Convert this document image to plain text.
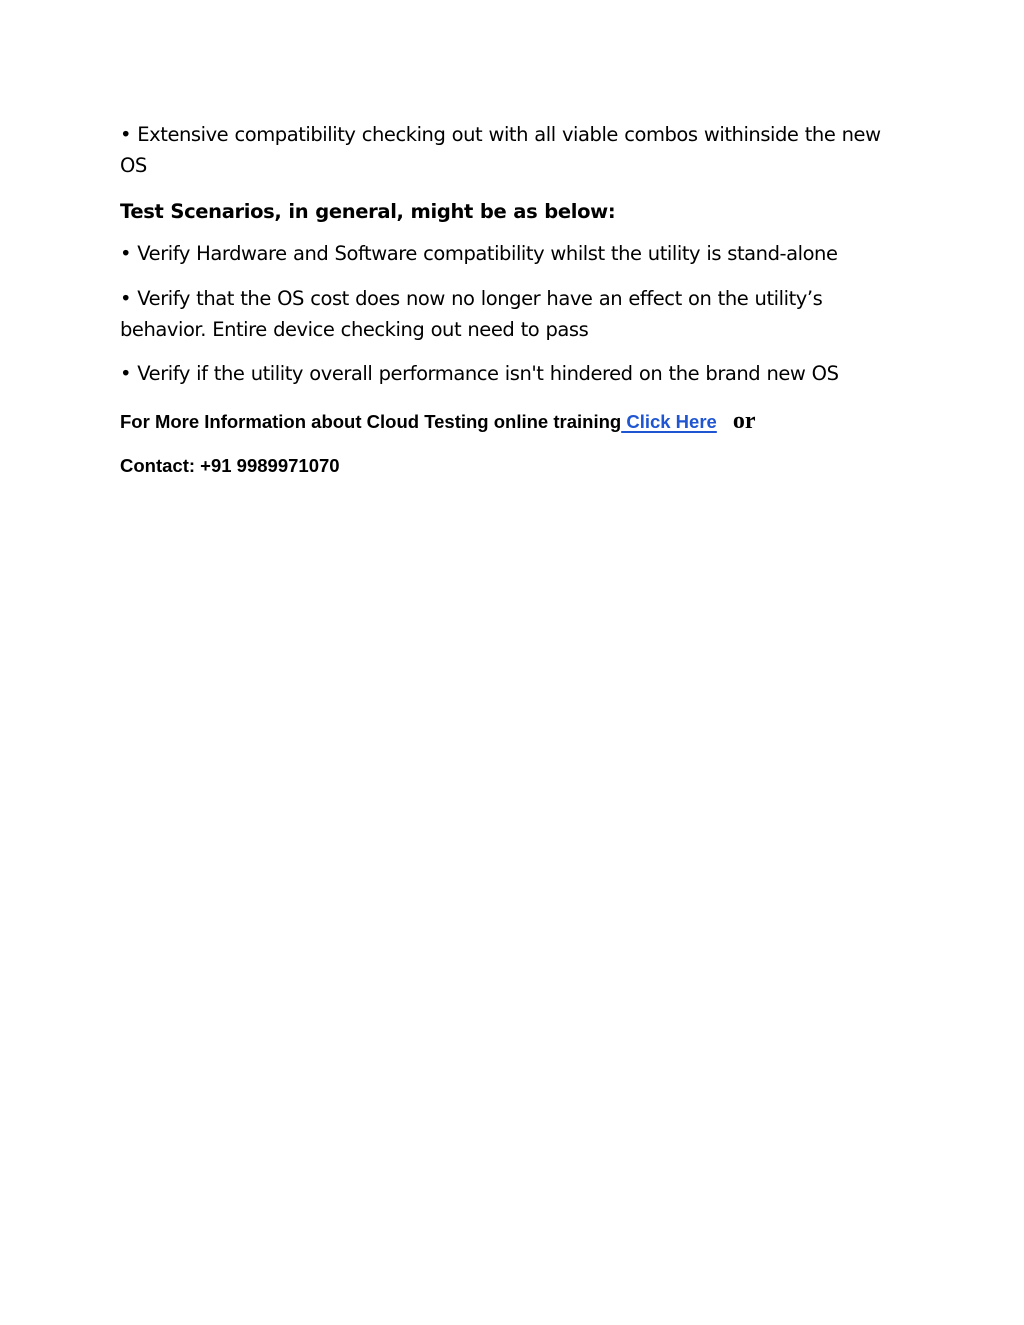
• Extensive compatibility checking out with all viable combos withinside the new OS

Test Scenarios, in general, might be as below:

• Verify Hardware and Software compatibility whilst the utility is stand-alone

• Verify that the OS cost does now no longer have an effect on the utility’s behavior. Entire device checking out need to pass

• Verify if the utility overall performance isn't hindered on the brand new OS

For More Information about Cloud Testing online training Click Here or

Contact: +91 9989971070
